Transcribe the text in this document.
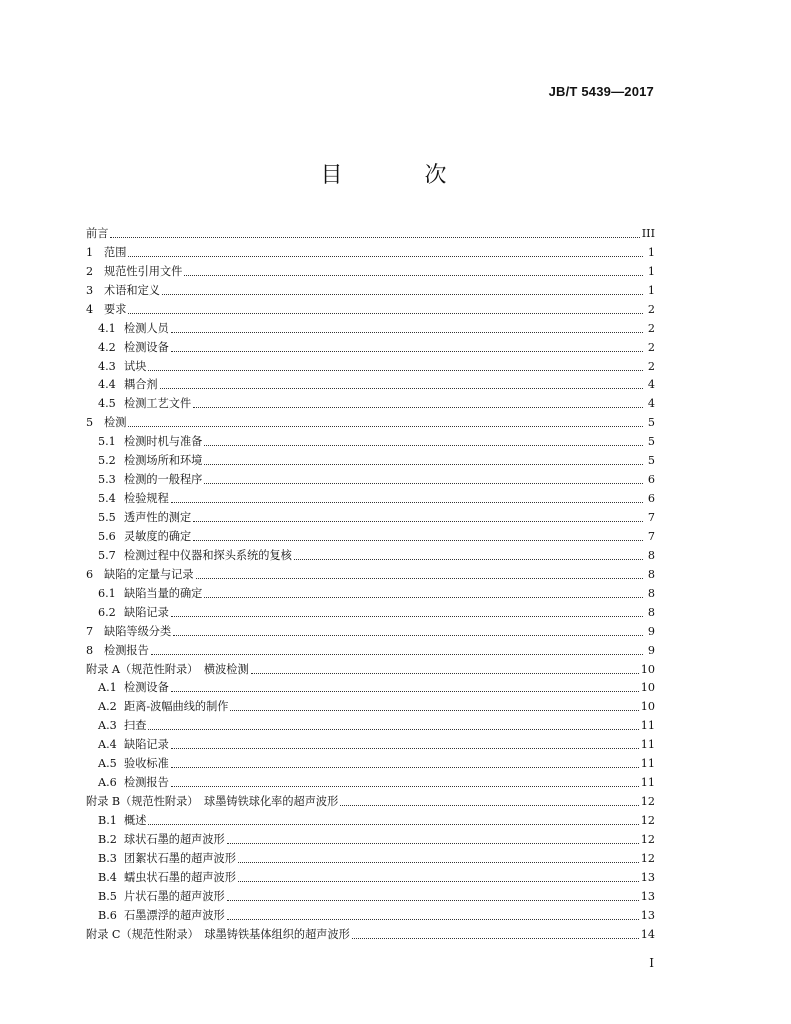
JB/T 5439—2017
目　次
前言	III
1 范围	1
2 规范性引用文件	1
3 术语和定义	1
4 要求	2
4.1 检测人员	2
4.2 检测设备	2
4.3 试块	2
4.4 耦合剂	4
4.5 检测工艺文件	4
5 检测	5
5.1 检测时机与准备	5
5.2 检测场所和环境	5
5.3 检测的一般程序	6
5.4 检验规程	6
5.5 透声性的测定	7
5.6 灵敏度的确定	7
5.7 检测过程中仪器和探头系统的复核	8
6 缺陷的定量与记录	8
6.1 缺陷当量的确定	8
6.2 缺陷记录	8
7 缺陷等级分类	9
8 检测报告	9
附录 A （规范性附录）　横波检测	10
A.1 检测设备	10
A.2 距离-波幅曲线的制作	10
A.3 扫查	11
A.4 缺陷记录	11
A.5 验收标准	11
A.6 检测报告	11
附录 B （规范性附录）　球墨铸铁球化率的超声波形	12
B.1 概述	12
B.2 球状石墨的超声波形	12
B.3 团絮状石墨的超声波形	12
B.4 蠕虫状石墨的超声波形	13
B.5 片状石墨的超声波形	13
B.6 石墨漂浮的超声波形	13
附录 C （规范性附录）　球墨铸铁基体组织的超声波形	14
I
